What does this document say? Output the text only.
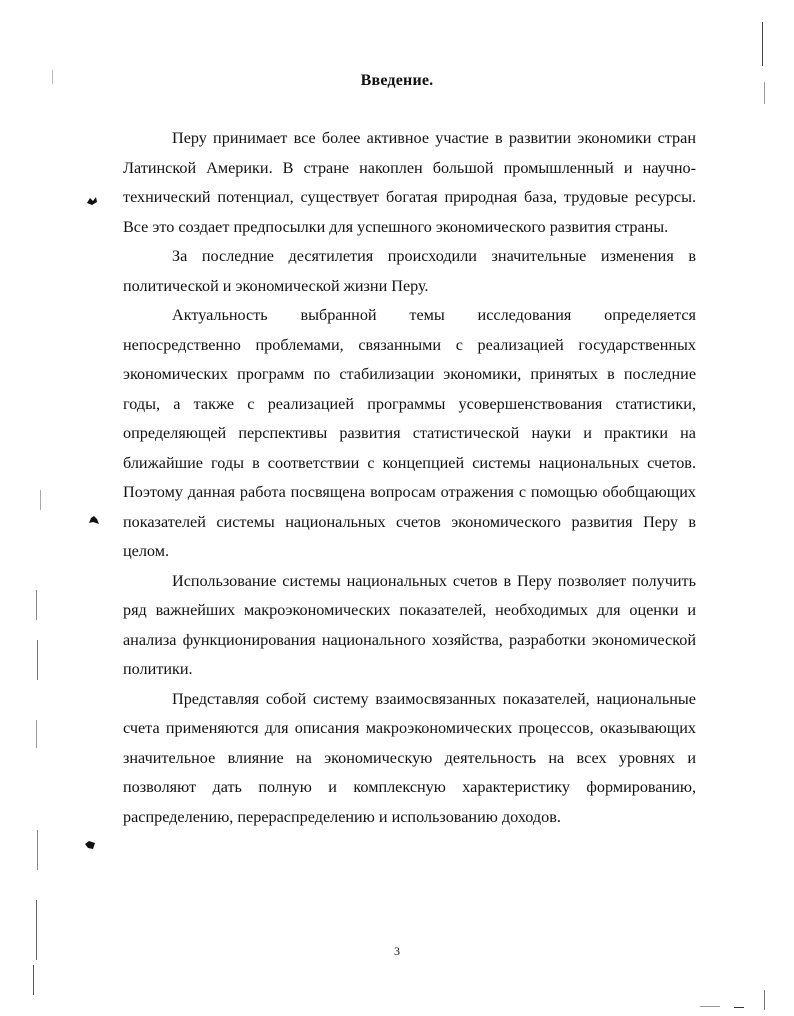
Введение.

Перу принимает все более активное участие в развитии экономики стран Латинской Америки. В стране накоплен большой промышленный и научно-технический потенциал, существует богатая природная база, трудовые ресурсы. Все это создает предпосылки для успешного экономического развития страны.

За последние десятилетия происходили значительные изменения в политической и экономической жизни Перу.

Актуальность выбранной темы исследования определяется непосредственно проблемами, связанными с реализацией государственных экономических программ по стабилизации экономики, принятых в последние годы, а также с реализацией программы усовершенствования статистики, определяющей перспективы развития статистической науки и практики на ближайшие годы в соответствии с концепцией системы национальных счетов. Поэтому данная работа посвящена вопросам отражения с помощью обобщающих показателей системы национальных счетов экономического развития Перу в целом.

Использование системы национальных счетов в Перу позволяет получить ряд важнейших макроэкономических показателей, необходимых для оценки и анализа функционирования национального хозяйства, разработки экономической политики.

Представляя собой систему взаимосвязанных показателей, национальные счета применяются для описания макроэкономических процессов, оказывающих значительное влияние на экономическую деятельность на всех уровнях и позволяют дать полную и комплексную характеристику формированию, распределению, перераспределению и использованию доходов.

3
